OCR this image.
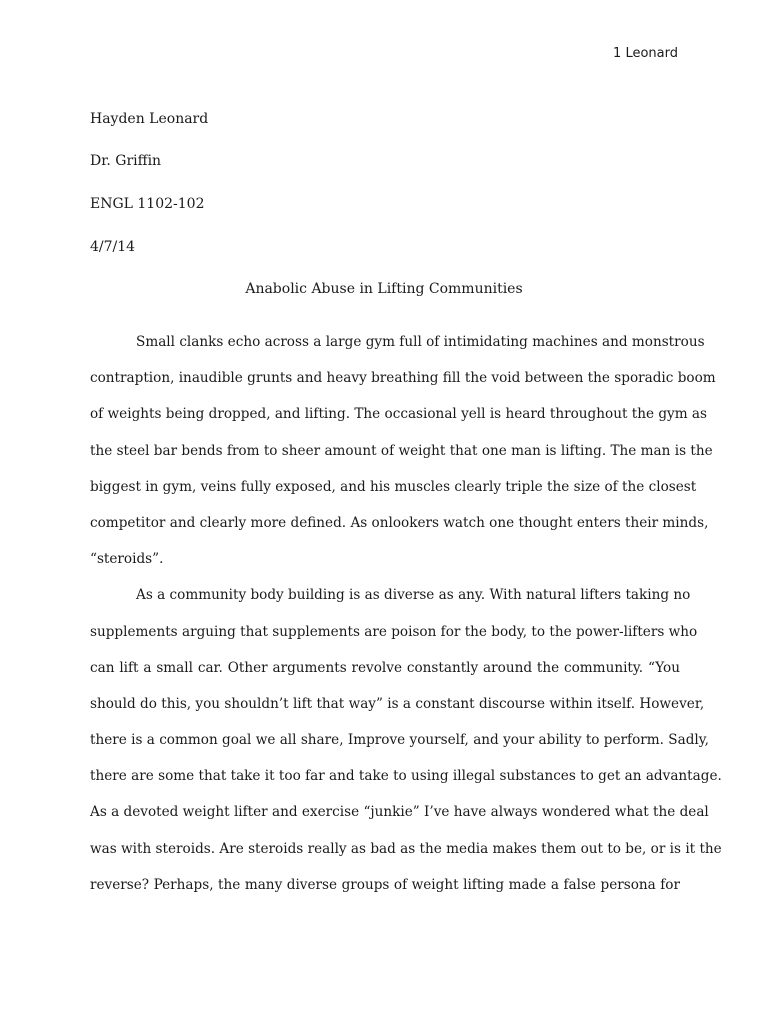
1 Leonard
Hayden Leonard
Dr. Griffin
ENGL 1102-102
4/7/14
Anabolic Abuse in Lifting Communities
Small clanks echo across a large gym full of intimidating machines and monstrous
contraption, inaudible grunts and heavy breathing fill the void between the sporadic boom
of weights being dropped, and lifting. The occasional yell is heard throughout the gym as
the steel bar bends from to sheer amount of weight that one man is lifting. The man is the
biggest in gym, veins fully exposed, and his muscles clearly triple the size of the closest
competitor and clearly more defined. As onlookers watch one thought enters their minds,
“steroids”.
As a community body building is as diverse as any. With natural lifters taking no
supplements arguing that supplements are poison for the body, to the power-lifters who
can lift a small car. Other arguments revolve constantly around the community. “You
should do this, you shouldn’t lift that way” is a constant discourse within itself. However,
there is a common goal we all share, Improve yourself, and your ability to perform. Sadly,
there are some that take it too far and take to using illegal substances to get an advantage.
As a devoted weight lifter and exercise “junkie” I’ve have always wondered what the deal
was with steroids. Are steroids really as bad as the media makes them out to be, or is it the
reverse? Perhaps, the many diverse groups of weight lifting made a false persona for
